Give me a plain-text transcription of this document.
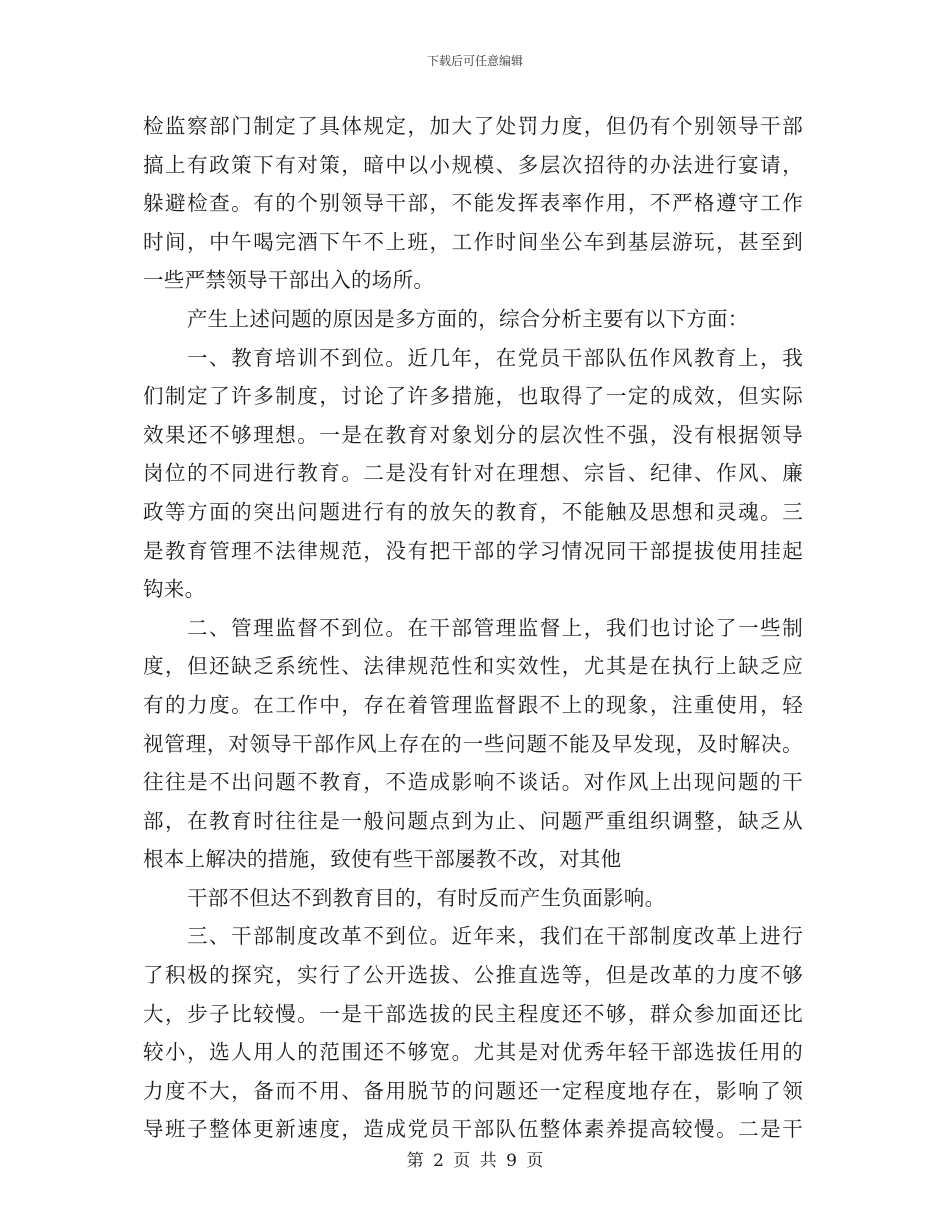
下载后可任意编辑
检监察部门制定了具体规定，加大了处罚力度，但仍有个别领导干部
搞上有政策下有对策，暗中以小规模、多层次招待的办法进行宴请，
躲避检查。有的个别领导干部，不能发挥表率作用，不严格遵守工作
时间，中午喝完酒下午不上班，工作时间坐公车到基层游玩，甚至到
一些严禁领导干部出入的场所。
产生上述问题的原因是多方面的，综合分析主要有以下方面：
一、教育培训不到位。近几年，在党员干部队伍作风教育上，我
们制定了许多制度，讨论了许多措施，也取得了一定的成效，但实际
效果还不够理想。一是在教育对象划分的层次性不强，没有根据领导
岗位的不同进行教育。二是没有针对在理想、宗旨、纪律、作风、廉
政等方面的突出问题进行有的放矢的教育，不能触及思想和灵魂。三
是教育管理不法律规范，没有把干部的学习情况同干部提拔使用挂起
钩来。
二、管理监督不到位。在干部管理监督上，我们也讨论了一些制
度，但还缺乏系统性、法律规范性和实效性，尤其是在执行上缺乏应
有的力度。在工作中，存在着管理监督跟不上的现象，注重使用，轻
视管理，对领导干部作风上存在的一些问题不能及早发现，及时解决。
往往是不出问题不教育，不造成影响不谈话。对作风上出现问题的干
部，在教育时往往是一般问题点到为止、问题严重组织调整，缺乏从
根本上解决的措施，致使有些干部屡教不改，对其他
干部不但达不到教育目的，有时反而产生负面影响。
三、干部制度改革不到位。近年来，我们在干部制度改革上进行
了积极的探究，实行了公开选拔、公推直选等，但是改革的力度不够
大，步子比较慢。一是干部选拔的民主程度还不够，群众参加面还比
较小，选人用人的范围还不够宽。尤其是对优秀年轻干部选拔任用的
力度不大，备而不用、备用脱节的问题还一定程度地存在，影响了领
导班子整体更新速度，造成党员干部队伍整体素养提高较慢。二是干
第 2 页 共 9 页
